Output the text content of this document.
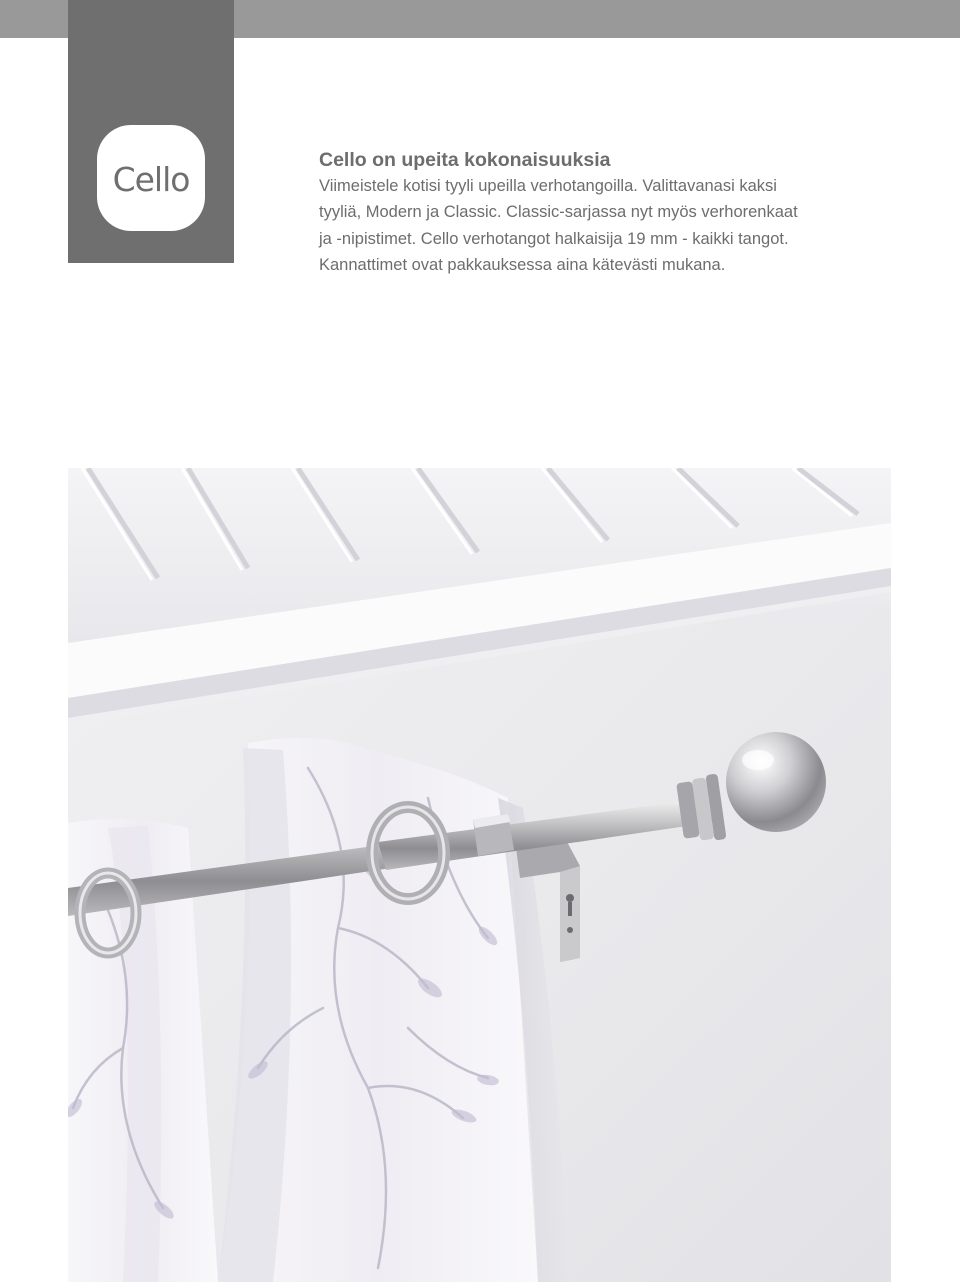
Cello	Cello on upeita kokonaisuuksia

Viimeistele kotisi tyyli upeilla verhotangoilla. Valittavanasi kaksi
tyyliä, Modern ja Classic. Classic-sarjassa nyt myös verhorenkaat
ja -nipistimet. Cello verhotangot halkaisija 19 mm - kaikki tangot.
Kannattimet ovat pakkauksessa aina kätevästi mukana.
